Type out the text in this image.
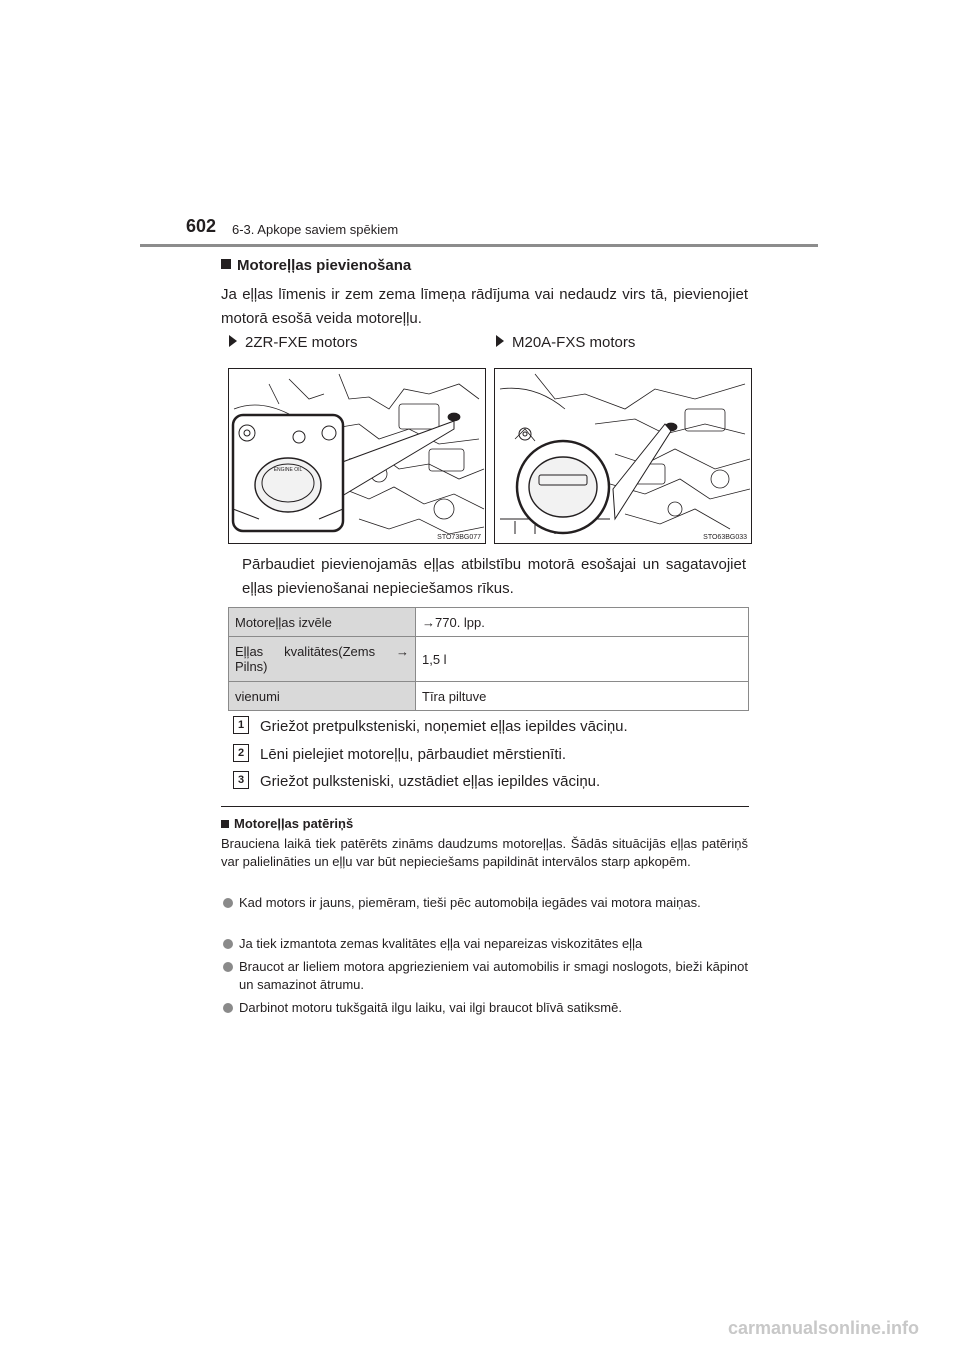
602 6-3. Apkope saviem spēkiem
Motoreļļas pievienošana
Ja eļļas līmenis ir zem zema līmeņa rādījuma vai nedaudz virs tā, pievienojiet motorā esošā veida motoreļļu.
2ZR-FXE motors	M20A-FXS motors
ENGINE OIL
STO73BG077	STO63BG033
Pārbaudiet pievienojamās eļļas atbilstību motorā esošajai un sagatavojiet eļļas pievienošanai nepieciešamos rīkus.
Motoreļļas izvēle	→770. lpp.

Eļļas kvalitātes(Zems → Pilns)	1,5 l
vienumi	Tīra piltuve
1 Griežot pretpulksteniski, noņemiet eļļas iepildes vāciņu.
2 Lēni pielejiet motoreļļu, pārbaudiet mērstienīti.
3 Griežot pulksteniski, uzstādiet eļļas iepildes vāciņu.
Motoreļļas patēriņš
Brauciena laikā tiek patērēts zināms daudzums motoreļļas. Šādās situācijās eļļas patēriņš var palielināties un eļļu var būt nepieciešams papildināt intervālos starp apkopēm.
Kad motors ir jauns, piemēram, tieši pēc automobiļa iegādes vai motora maiņas.
Ja tiek izmantota zemas kvalitātes eļļa vai nepareizas viskozitātes eļļa
Braucot ar lieliem motora apgriezieniem vai automobilis ir smagi noslogots, bieži kāpinot un samazinot ātrumu.
Darbinot motoru tukšgaitā ilgu laiku, vai ilgi braucot blīvā satiksmē.
carmanualsonline.info
